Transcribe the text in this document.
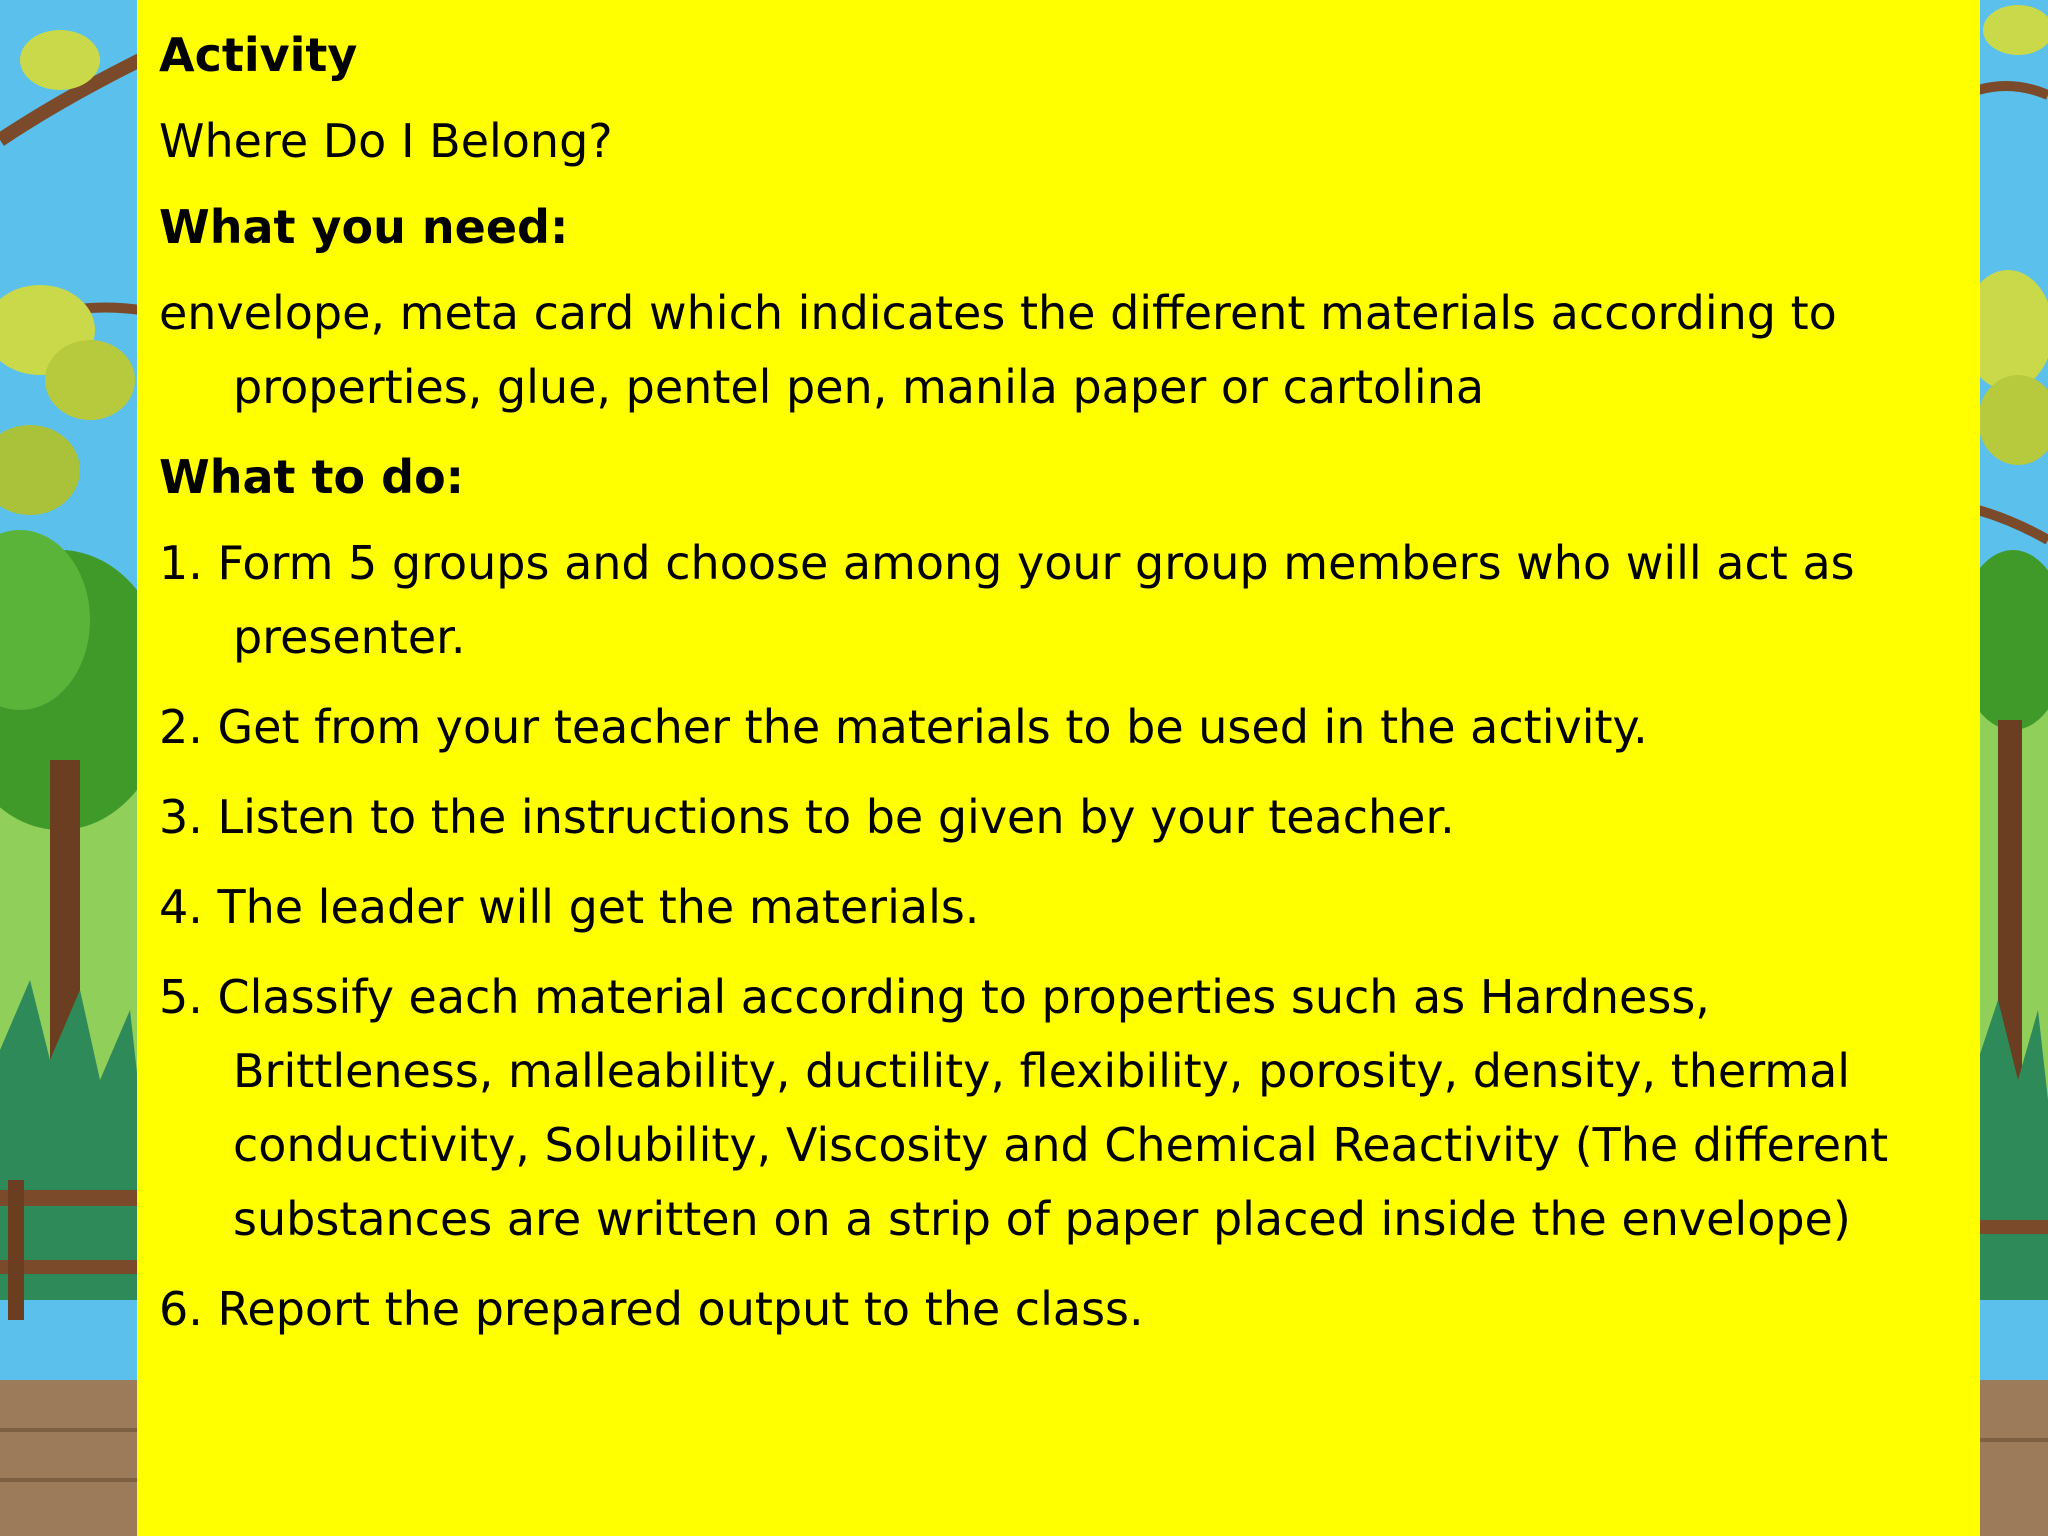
Activity

Where Do I Belong?

What you need:

envelope, meta card which indicates the different materials according to properties, glue, pentel pen, manila paper or cartolina

What to do:

1. Form 5 groups and choose among your group members who will act as presenter.

2. Get from your teacher the materials to be used in the activity.

3. Listen to the instructions to be given by your teacher.

4. The leader will get the materials.

5. Classify each material according to properties such as Hardness, Brittleness, malleability, ductility, flexibility, porosity, density, thermal conductivity, Solubility, Viscosity and Chemical Reactivity (The different substances are written on a strip of paper placed inside the envelope)

6. Report the prepared output to the class.
